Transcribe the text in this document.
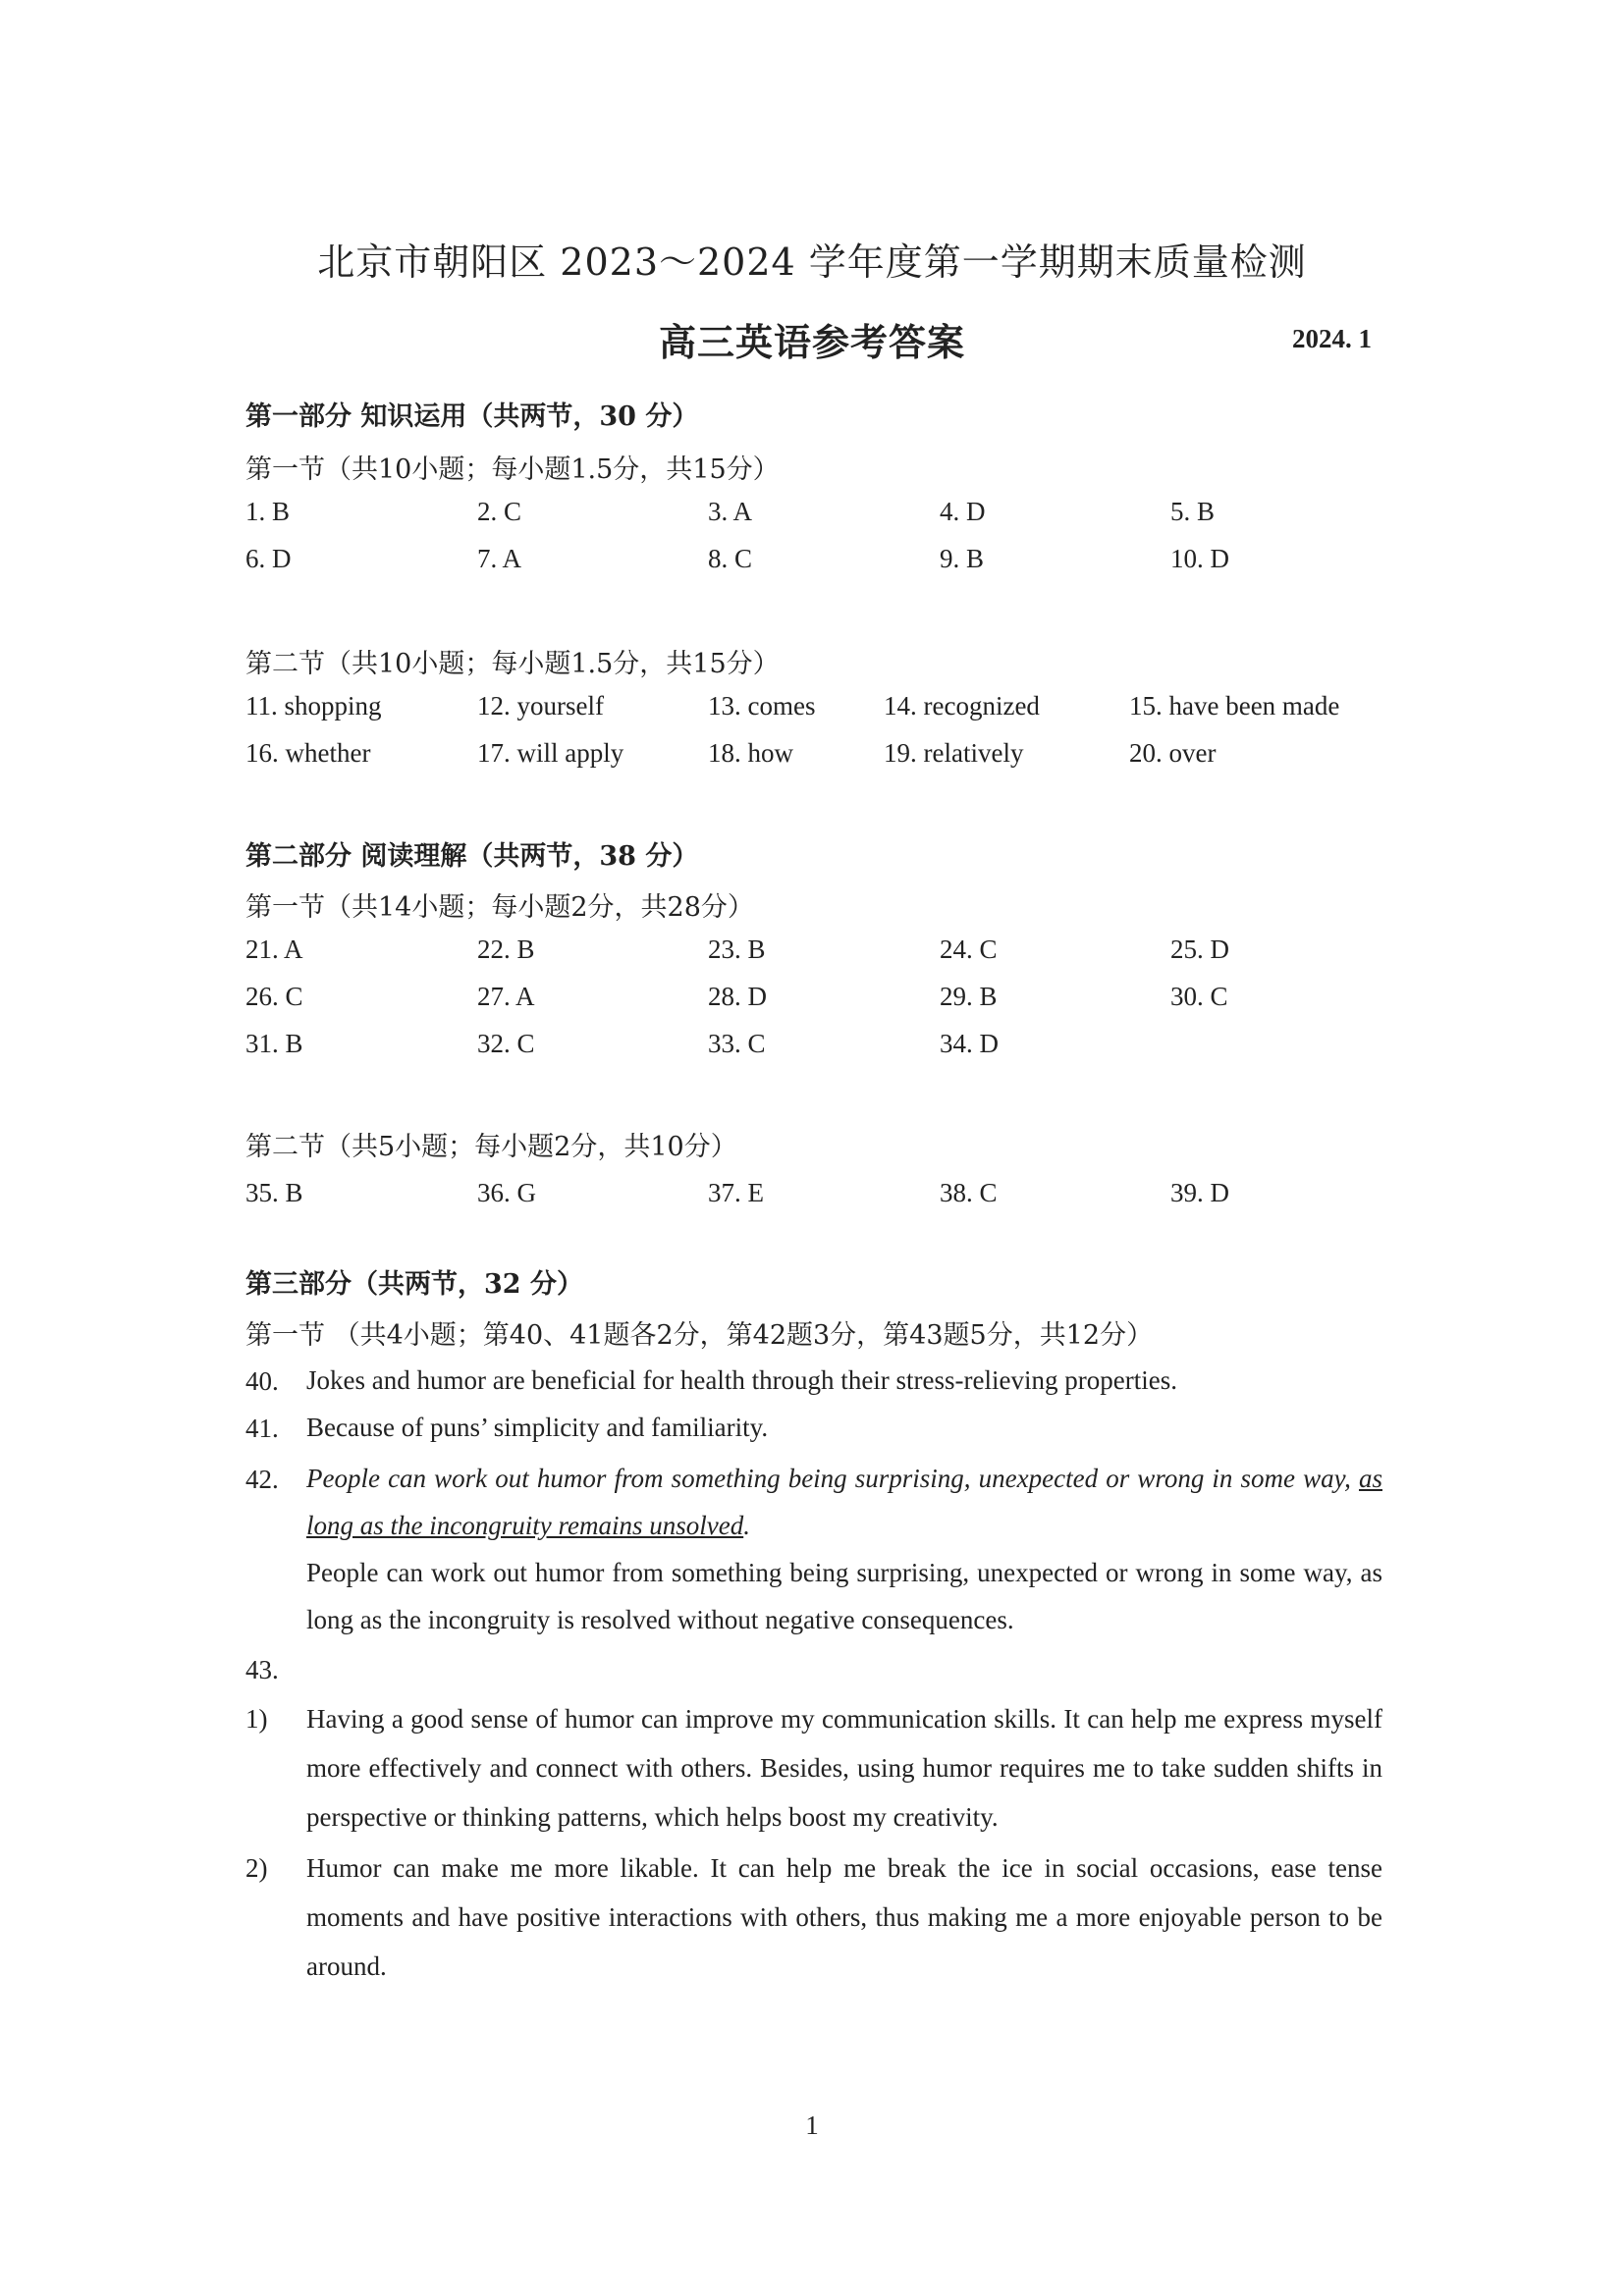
北京市朝阳区 2023～2024 学年度第一学期期末质量检测
高三英语参考答案	2024. 1
第一部分 知识运用（共两节，30 分）
第一节（共10小题；每小题1.5分，共15分）
1. B	2. C	3. A	4. D	5. B
6. D	7. A	8. C	9. B	10. D
第二节（共10小题；每小题1.5分，共15分）
11. shopping	12. yourself	13. comes	14. recognized	15. have been made
16. whether	17. will apply	18. how	19. relatively	20. over
第二部分 阅读理解（共两节，38 分）
第一节（共14小题；每小题2分，共28分）
21. A	22. B	23. B	24. C	25. D
26. C	27. A	28. D	29. B	30. C
31. B	32. C	33. C	34. D
第二节（共5小题；每小题2分，共10分）
35. B	36. G	37. E	38. C	39. D
第三部分（共两节，32 分）
第一节 （共4小题；第40、41题各2分，第42题3分，第43题5分，共12分）
40. Jokes and humor are beneficial for health through their stress-relieving properties.
41. Because of puns’ simplicity and familiarity.
42. People can work out humor from something being surprising, unexpected or wrong in some way, as long as the incongruity remains unsolved.
People can work out humor from something being surprising, unexpected or wrong in some way, as long as the incongruity is resolved without negative consequences.
43.
1) Having a good sense of humor can improve my communication skills. It can help me express myself more effectively and connect with others. Besides, using humor requires me to take sudden shifts in perspective or thinking patterns, which helps boost my creativity.
2) Humor can make me more likable. It can help me break the ice in social occasions, ease tense moments and have positive interactions with others, thus making me a more enjoyable person to be around.
1
